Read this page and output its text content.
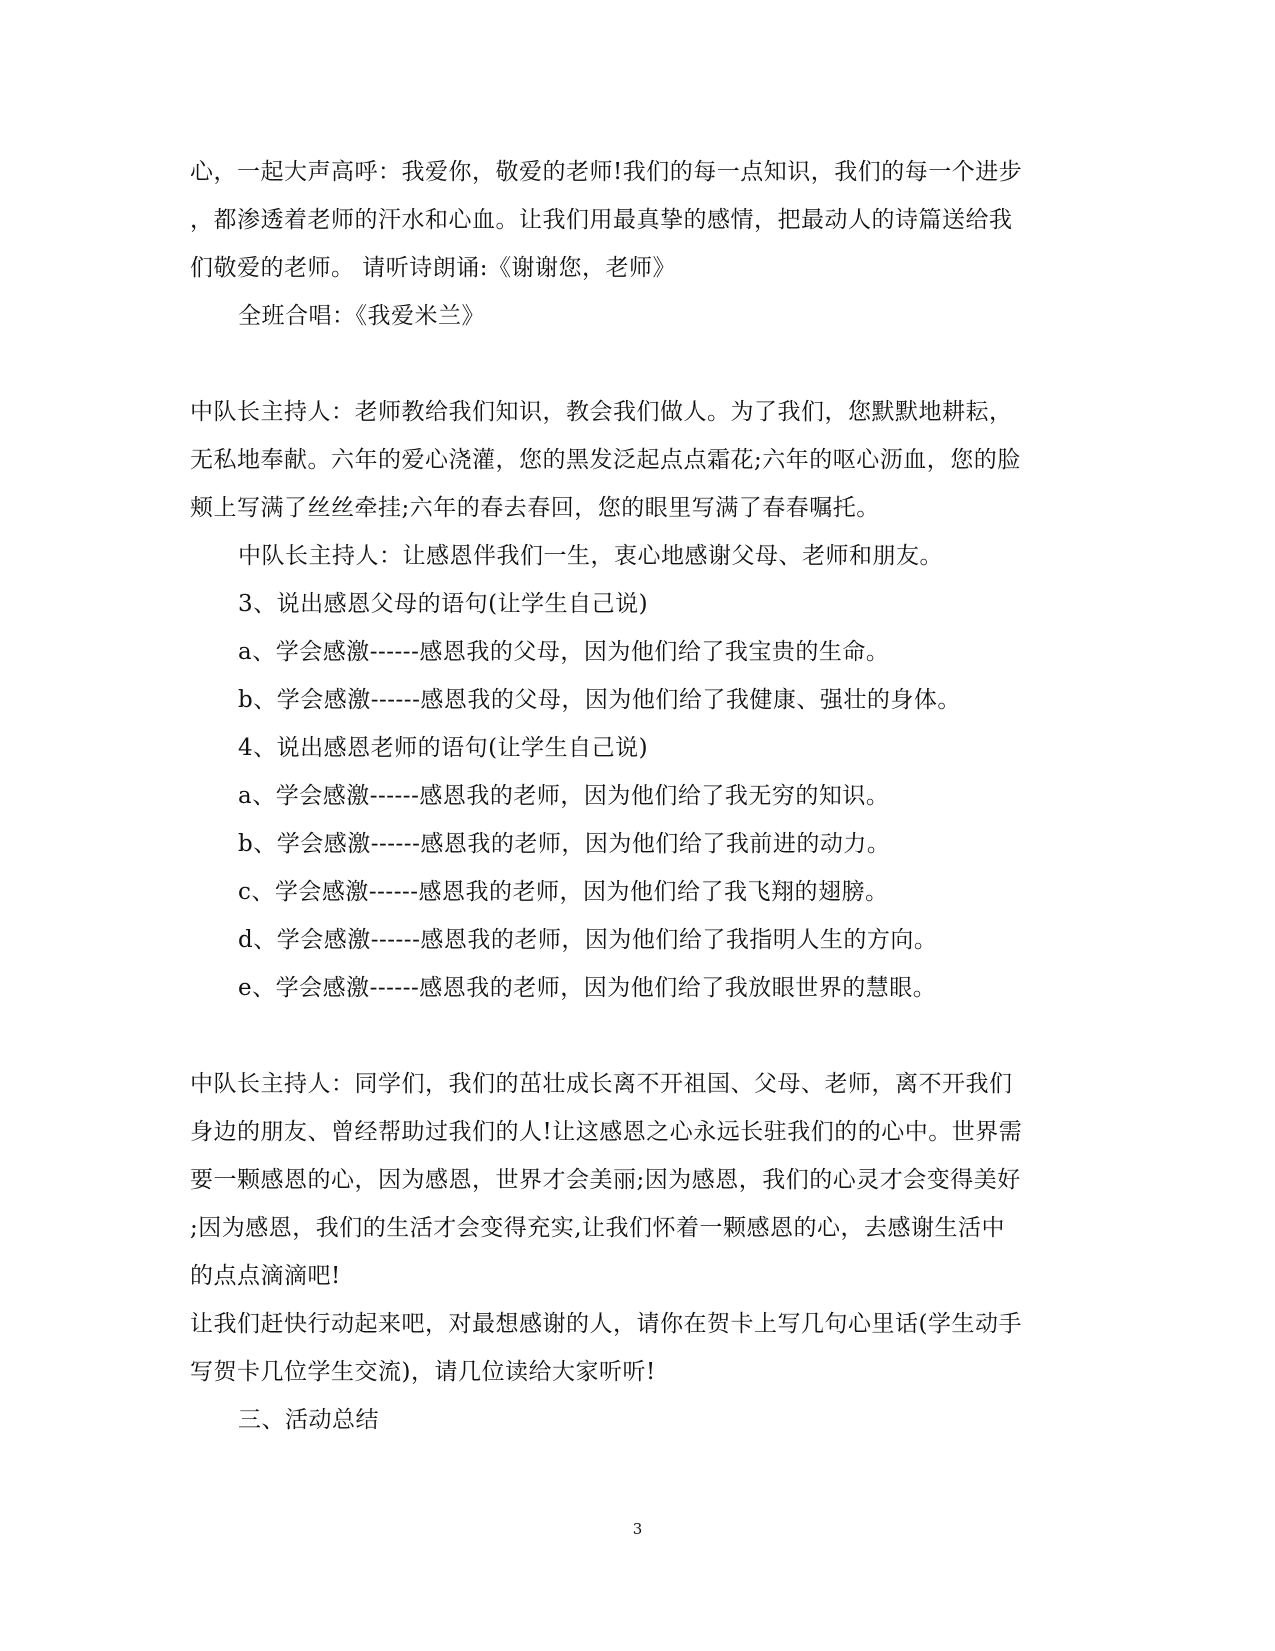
心，一起大声高呼：我爱你，敬爱的老师!我们的每一点知识，我们的每一个进步
，都渗透着老师的汗水和心血。让我们用最真挚的感情，把最动人的诗篇送给我
们敬爱的老师。 请听诗朗诵:《谢谢您，老师》
全班合唱：《我爱米兰》
中队长主持人：老师教给我们知识，教会我们做人。为了我们，您默默地耕耘，
无私地奉献。六年的爱心浇灌，您的黑发泛起点点霜花;六年的呕心沥血，您的脸
颊上写满了丝丝牵挂;六年的春去春回，您的眼里写满了春春嘱托。
中队长主持人：让感恩伴我们一生，衷心地感谢父母、老师和朋友。
3、说出感恩父母的语句(让学生自己说)
a、学会感激------感恩我的父母，因为他们给了我宝贵的生命。
b、学会感激------感恩我的父母，因为他们给了我健康、强壮的身体。
4、说出感恩老师的语句(让学生自己说)
a、学会感激------感恩我的老师，因为他们给了我无穷的知识。
b、学会感激------感恩我的老师，因为他们给了我前进的动力。
c、学会感激------感恩我的老师，因为他们给了我飞翔的翅膀。
d、学会感激------感恩我的老师，因为他们给了我指明人生的方向。
e、学会感激------感恩我的老师，因为他们给了我放眼世界的慧眼。
中队长主持人：同学们，我们的茁壮成长离不开祖国、父母、老师，离不开我们
身边的朋友、曾经帮助过我们的人!让这感恩之心永远长驻我们的的心中。世界需
要一颗感恩的心，因为感恩，世界才会美丽;因为感恩，我们的心灵才会变得美好
;因为感恩，我们的生活才会变得充实,让我们怀着一颗感恩的心，去感谢生活中
的点点滴滴吧!
让我们赶快行动起来吧，对最想感谢的人，请你在贺卡上写几句心里话(学生动手
写贺卡几位学生交流)，请几位读给大家听听!
三、活动总结
3
